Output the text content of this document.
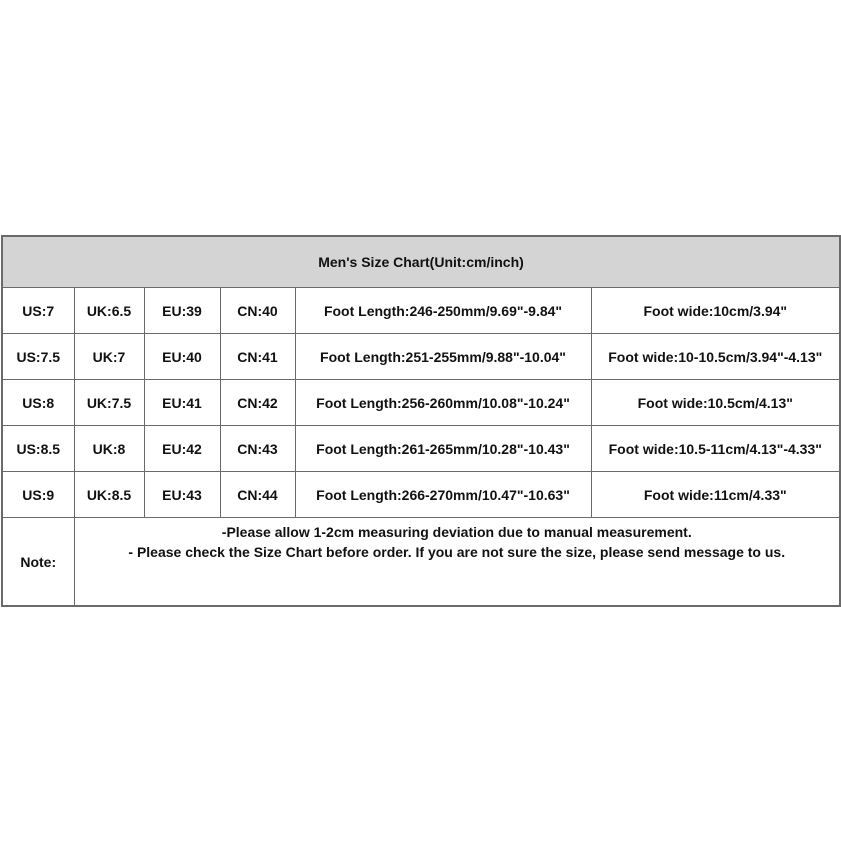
Men's Size Chart(Unit:cm/inch)					
US:7	UK:6.5	EU:39	CN:40	Foot Length:246-250mm/9.69"-9.84"	Foot wide:10cm/3.94"
US:7.5	UK:7	EU:40	CN:41	Foot Length:251-255mm/9.88"-10.04"	Foot wide:10-10.5cm/3.94"-4.13"
US:8	UK:7.5	EU:41	CN:42	Foot Length:256-260mm/10.08"-10.24"	Foot wide:10.5cm/4.13"
US:8.5	UK:8	EU:42	CN:43	Foot Length:261-265mm/10.28"-10.43"	Foot wide:10.5-11cm/4.13"-4.33"
US:9	UK:8.5	EU:43	CN:44	Foot Length:266-270mm/10.47"-10.63"	Foot wide:11cm/4.33"
Note:	-Please allow 1-2cm measuring deviation due to manual measurement.
- Please check the Size Chart before order. If you are not sure the size, please send message to us.				
